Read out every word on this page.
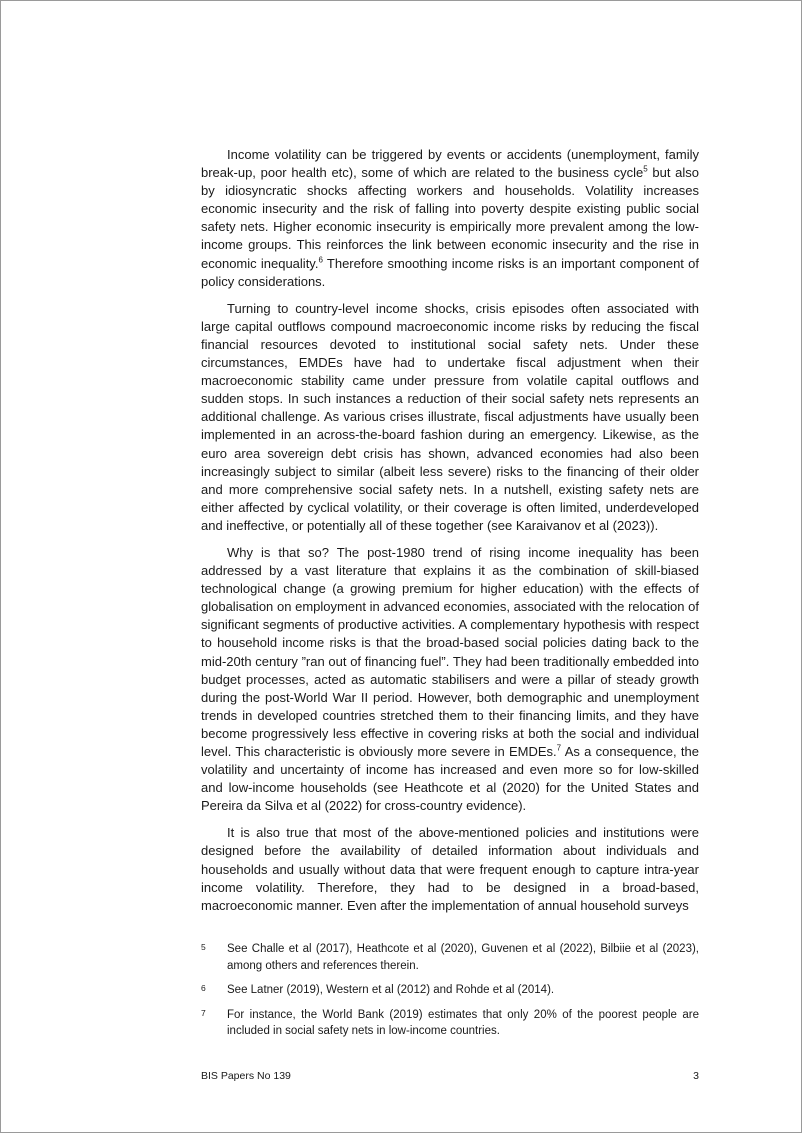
Income volatility can be triggered by events or accidents (unemployment, family break-up, poor health etc), some of which are related to the business cycle$^5$ but also by idiosyncratic shocks affecting workers and households. Volatility increases economic insecurity and the risk of falling into poverty despite existing public social safety nets. Higher economic insecurity is empirically more prevalent among the low-income groups. This reinforces the link between economic insecurity and the rise in economic inequality.$^6$ Therefore smoothing income risks is an important component of policy considerations.

Turning to country-level income shocks, crisis episodes often associated with large capital outflows compound macroeconomic income risks by reducing the fiscal financial resources devoted to institutional social safety nets. Under these circumstances, EMDEs have had to undertake fiscal adjustment when their macroeconomic stability came under pressure from volatile capital outflows and sudden stops. In such instances a reduction of their social safety nets represents an additional challenge. As various crises illustrate, fiscal adjustments have usually been implemented in an across-the-board fashion during an emergency. Likewise, as the euro area sovereign debt crisis has shown, advanced economies had also been increasingly subject to similar (albeit less severe) risks to the financing of their older and more comprehensive social safety nets. In a nutshell, existing safety nets are either affected by cyclical volatility, or their coverage is often limited, underdeveloped and ineffective, or potentially all of these together (see Karaivanov et al (2023)).

Why is that so? The post-1980 trend of rising income inequality has been addressed by a vast literature that explains it as the combination of skill-biased technological change (a growing premium for higher education) with the effects of globalisation on employment in advanced economies, associated with the relocation of significant segments of productive activities. A complementary hypothesis with respect to household income risks is that the broad-based social policies dating back to the mid-20th century ”ran out of financing fuel”. They had been traditionally embedded into budget processes, acted as automatic stabilisers and were a pillar of steady growth during the post-World War II period. However, both demographic and unemployment trends in developed countries stretched them to their financing limits, and they have become progressively less effective in covering risks at both the social and individual level. This characteristic is obviously more severe in EMDEs.$^7$ As a consequence, the volatility and uncertainty of income has increased and even more so for low-skilled and low-income households (see Heathcote et al (2020) for the United States and Pereira da Silva et al (2022) for cross-country evidence).

It is also true that most of the above-mentioned policies and institutions were designed before the availability of detailed information about individuals and households and usually without data that were frequent enough to capture intra-year income volatility. Therefore, they had to be designed in a broad-based, macroeconomic manner. Even after the implementation of annual household surveys

5	See Challe et al (2017), Heathcote et al (2020), Guvenen et al (2022), Bilbiie et al (2023), among others and references therein.
6	See Latner (2019), Western et al (2012) and Rohde et al (2014).
7	For instance, the World Bank (2019) estimates that only 20% of the poorest people are included in social safety nets in low-income countries.
BIS Papers No 139	3
